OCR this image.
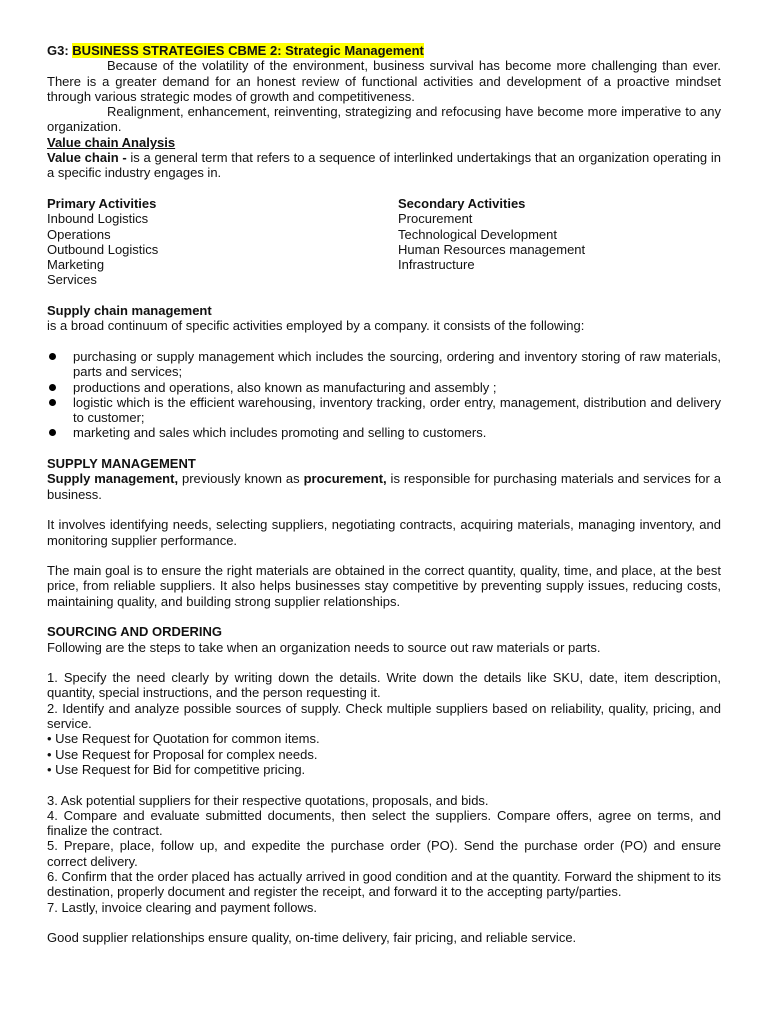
G3: BUSINESS STRATEGIES CBME 2: Strategic Management

Because of the volatility of the environment, business survival has become more challenging than ever. There is a greater demand for an honest review of functional activities and development of a proactive mindset through various strategic modes of growth and competitiveness.

Realignment, enhancement, reinventing, strategizing and refocusing have become more imperative to any organization.

Value chain Analysis

Value chain - is a general term that refers to a sequence of interlinked undertakings that an organization operating in a specific industry engages in.

Primary Activities

Inbound Logistics

Operations

Outbound Logistics

Marketing

Services

Secondary Activities

Procurement

Technological Development

Human Resources management

Infrastructure

Supply chain management

is a broad continuum of specific activities employed by a company. it consists of the following:

purchasing or supply management which includes the sourcing, ordering and inventory storing of raw materials, parts and services;
productions and operations, also known as manufacturing and assembly ;
logistic which is the efficient warehousing, inventory tracking, order entry, management, distribution and delivery to customer;
marketing and sales which includes promoting and selling to customers.

SUPPLY MANAGEMENT

Supply management, previously known as procurement, is responsible for purchasing materials and services for a business.

It involves identifying needs, selecting suppliers, negotiating contracts, acquiring materials, managing inventory, and monitoring supplier performance.

The main goal is to ensure the right materials are obtained in the correct quantity, quality, time, and place, at the best price, from reliable suppliers. It also helps businesses stay competitive by preventing supply issues, reducing costs, maintaining quality, and building strong supplier relationships.

SOURCING AND ORDERING

Following are the steps to take when an organization needs to source out raw materials or parts.

1. Specify the need clearly by writing down the details. Write down the details like SKU, date, item description, quantity, special instructions, and the person requesting it.

2. Identify and analyze possible sources of supply. Check multiple suppliers based on reliability, quality, pricing, and service.

• Use Request for Quotation for common items.

• Use Request for Proposal for complex needs.

• Use Request for Bid for competitive pricing.

3. Ask potential suppliers for their respective quotations, proposals, and bids.

4. Compare and evaluate submitted documents, then select the suppliers. Compare offers, agree on terms, and finalize the contract.

5. Prepare, place, follow up, and expedite the purchase order (PO). Send the purchase order (PO) and ensure correct delivery.

6. Confirm that the order placed has actually arrived in good condition and at the quantity. Forward the shipment to its destination, properly document and register the receipt, and forward it to the accepting party/parties.

7. Lastly, invoice clearing and payment follows.

Good supplier relationships ensure quality, on-time delivery, fair pricing, and reliable service.
